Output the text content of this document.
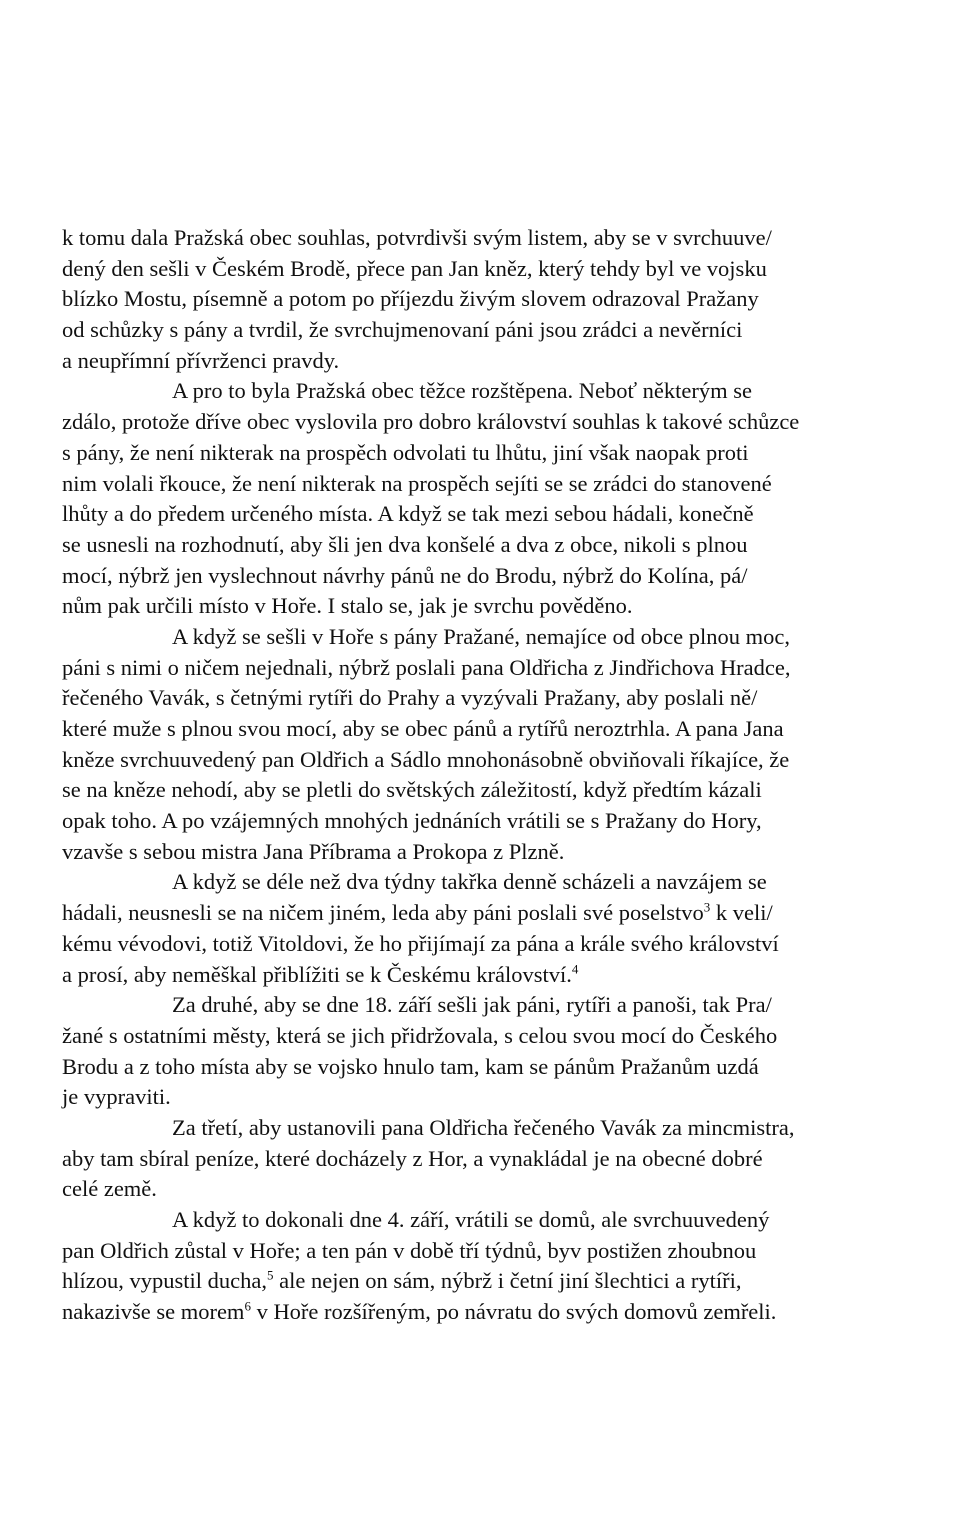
k tomu dala Pražská obec souhlas, potvrdivši svým listem, aby se v svrchuuve/
dený den sešli v Českém Brodě, přece pan Jan kněz, který tehdy byl ve vojsku
blízko Mostu, písemně a potom po příjezdu živým slovem odrazoval Pražany
od schůzky s pány a tvrdil, že svrchujmenovaní páni jsou zrádci a nevěrníci
a neupřímní přívrženci pravdy.
A pro to byla Pražská obec těžce rozštěpena. Neboť některým se
zdálo, protože dříve obec vyslovila pro dobro království souhlas k takové schůzce
s pány, že není nikterak na prospěch odvolati tu lhůtu, jiní však naopak proti
nim volali řkouce, že není nikterak na prospěch sejíti se se zrádci do stanovené
lhůty a do předem určeného místa. A když se tak mezi sebou hádali, konečně
se usnesli na rozhodnutí, aby šli jen dva konšelé a dva z obce, nikoli s plnou
mocí, nýbrž jen vyslechnout návrhy pánů ne do Brodu, nýbrž do Kolína, pá/
nům pak určili místo v Hoře. I stalo se, jak je svrchu pověděno.
A když se sešli v Hoře s pány Pražané, nemajíce od obce plnou moc,
páni s nimi o ničem nejednali, nýbrž poslali pana Oldřicha z Jindřichova Hradce,
řečeného Vavák, s četnými rytíři do Prahy a vyzývali Pražany, aby poslali ně/
které muže s plnou svou mocí, aby se obec pánů a rytířů neroztrhla. A pana Jana
kněze svrchuuvedený pan Oldřich a Sádlo mnohonásobně obviňovali říkajíce, že
se na kněze nehodí, aby se pletli do světských záležitostí, když předtím kázali
opak toho. A po vzájemných mnohých jednáních vrátili se s Pražany do Hory,
vzavše s sebou mistra Jana Příbrama a Prokopa z Plzně.
A když se déle než dva týdny takřka denně scházeli a navzájem se
hádali, neusnesli se na ničem jiném, leda aby páni poslali své poselstvo$^3$ k veli/
kému vévodovi, totiž Vitoldovi, že ho přijímají za pána a krále svého království
a prosí, aby neměškal přiblížiti se k Českému království.$^4$
Za druhé, aby se dne 18. září sešli jak páni, rytíři a panoši, tak Pra/
žané s ostatními městy, která se jich přidržovala, s celou svou mocí do Českého
Brodu a z toho místa aby se vojsko hnulo tam, kam se pánům Pražanům uzdá
je vypraviti.
Za třetí, aby ustanovili pana Oldřicha řečeného Vavák za mincmistra,
aby tam sbíral peníze, které docházely z Hor, a vynakládal je na obecné dobré
celé země.
A když to dokonali dne 4. září, vrátili se domů, ale svrchuuvedený
pan Oldřich zůstal v Hoře; a ten pán v době tří týdnů, byv postižen zhoubnou
hlízou, vypustil ducha,$^5$ ale nejen on sám, nýbrž i četní jiní šlechtici a rytíři,
nakazivše se morem$^6$ v Hoře rozšířeným, po návratu do svých domovů zemřeli.
